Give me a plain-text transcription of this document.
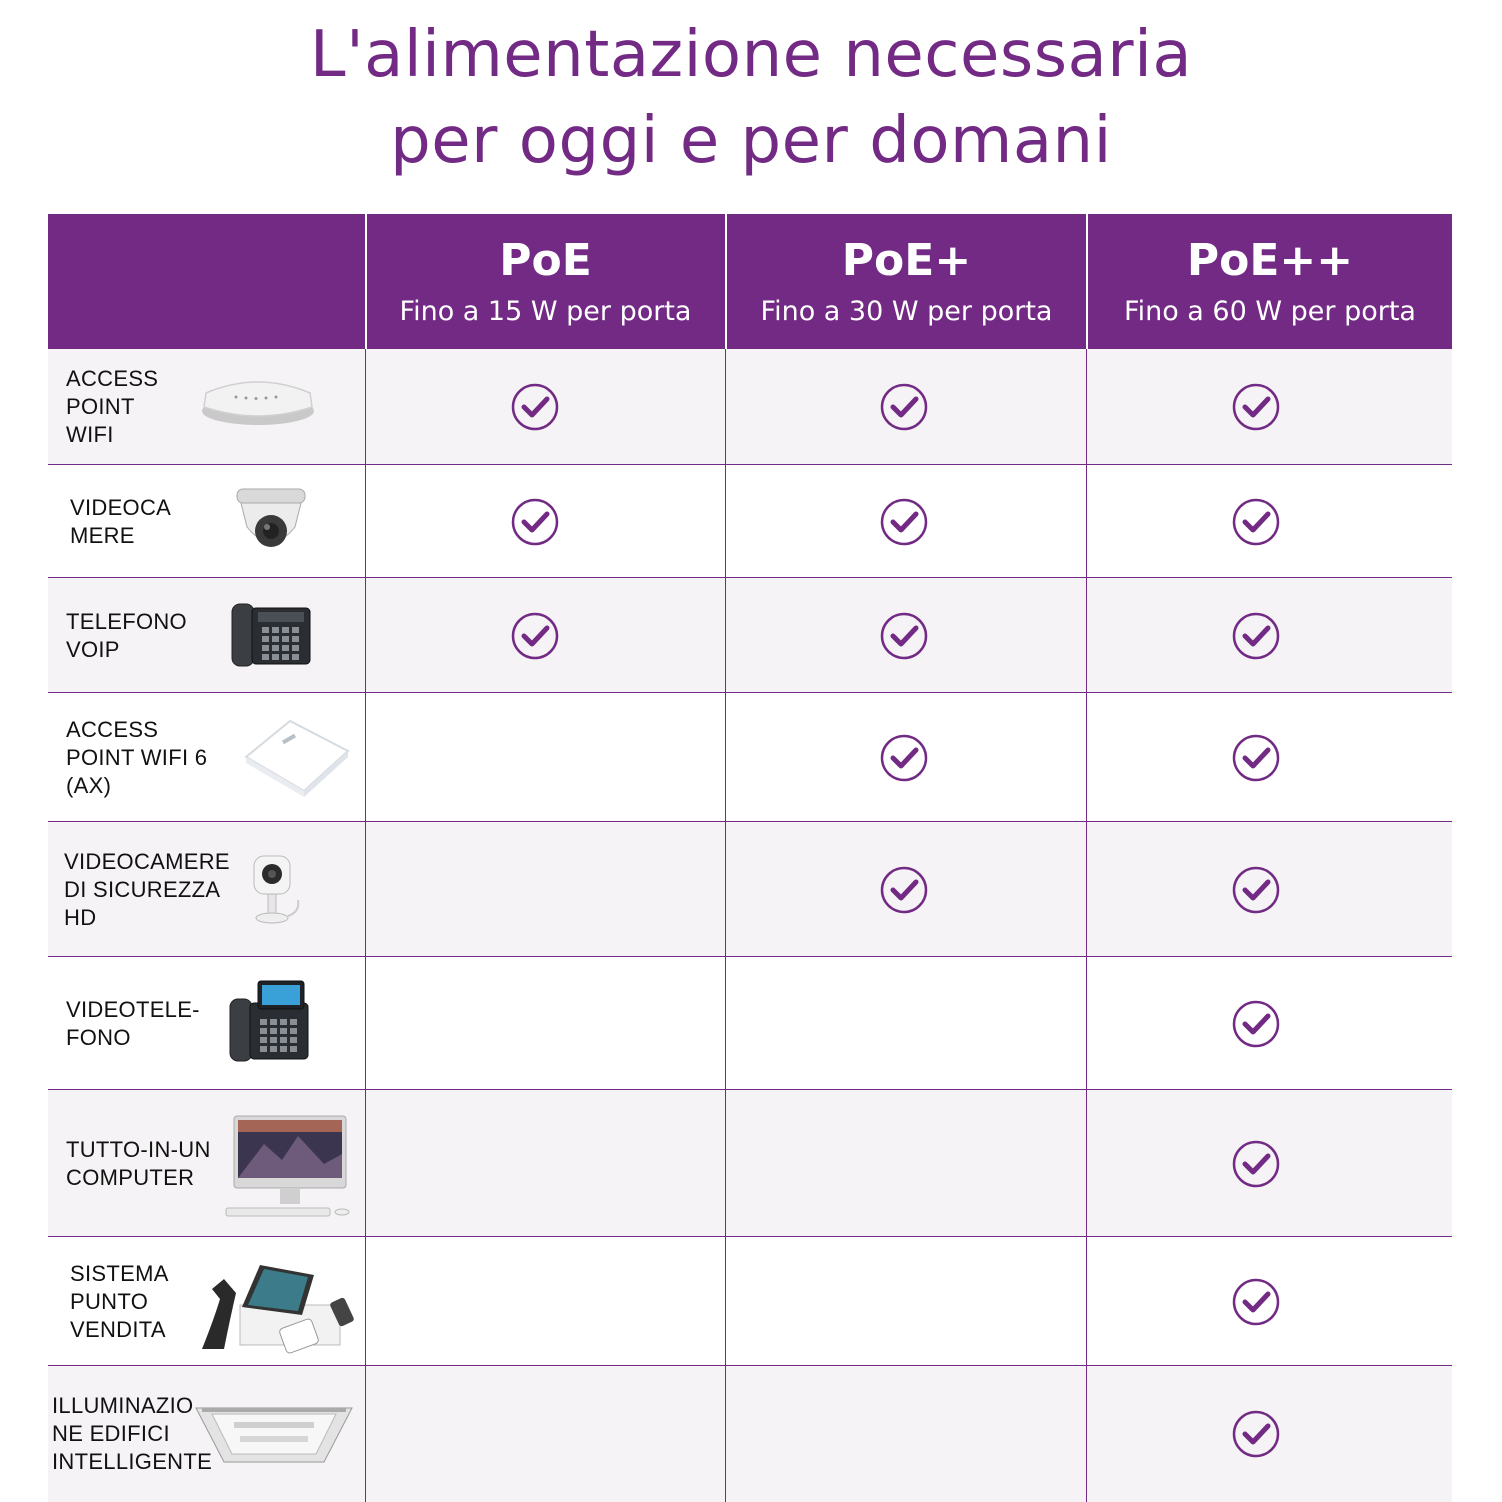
L'alimentazione necessaria
per oggi e per domani
PoE
Fino a 15 W per porta
PoE+
Fino a 30 W per porta
PoE++
Fino a 60 W per porta
ACCESS
POINT
WIFI
VIDEOCA
MERE
TELEFONO
VOIP
ACCESS
POINT WIFI 6
(AX)
VIDEOCAMERE
DI SICUREZZA
HD
VIDEOTELE-
FONO
TUTTO-IN-UN
COMPUTER
SISTEMA
PUNTO
VENDITA
ILLUMINAZIO
NE EDIFICI
INTELLIGENTE
